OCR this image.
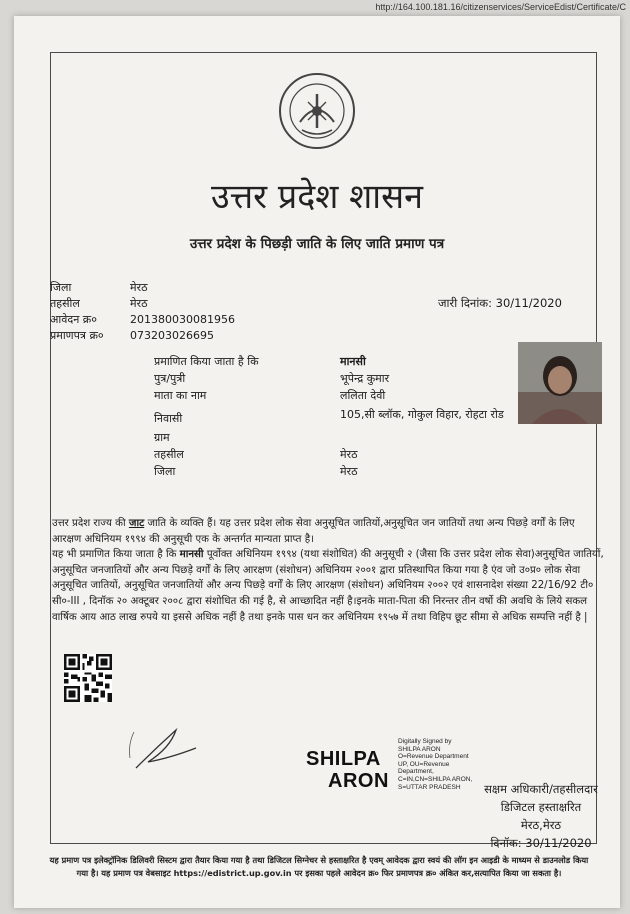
http://164.100.181.16/citizenservices/ServiceEdist/Certificate/C
उत्तर प्रदेश शासन
उत्तर प्रदेश के पिछड़ी जाति के लिए जाति प्रमाण पत्र
जिला	मेरठ
तहसील	मेरठ
आवेदन क्र०	201380030081956
प्रमाणपत्र क्र०	073203026695
जारी दिनांक: 30/11/2020
प्रमाणित किया जाता है कि	मानसी
पुत्र/पुत्री	भूपेन्द्र कुमार
माता का नाम	ललिता देवी
निवासी	105,सी ब्लॉक, गोकुल विहार, रोहटा रोड
ग्राम
तहसील	मेरठ
जिला	मेरठ

उत्तर प्रदेश राज्य की जाट जाति के व्यक्ति हैं। यह उत्तर प्रदेश लोक सेवा अनुसूचित जातियों,अनुसूचित जन जातियों तथा अन्य पिछड़े वर्गों के लिए आरक्षण अधिनियम १९९४ की अनुसूची एक के अन्तर्गत मान्यता प्राप्त है।

यह भी प्रमाणित किया जाता है कि मानसी पूर्वोक्त अधिनियम १९९४ (यथा संशोधित) की अनुसूची २ (जैसा कि उत्तर प्रदेश लोक सेवा)अनुसूचित जातियों, अनुसूचित जनजातियों और अन्य पिछड़े वर्गों के लिए आरक्षण (संशोधन) अधिनियम २००१ द्वारा प्रतिस्थापित किया गया है एंव जो उ०प्र० लोक सेवा अनुसूचित जातियों, अनुसूचित जनजातियों और अन्य पिछड़े वर्गों के लिए आरक्षण (संशोधन) अधिनियम २००२ एवं शासनादेश संख्या 22/16/92 टी० सी०-III , दिनॉक २० अक्टूबर २००८ द्वारा संशोधित की गई है, से आच्छादित नहीं है।इनके माता-पिता की निरन्तर तीन वर्षो की अवधि के लिये सकल वार्षिक आय आठ लाख रुपये या इससे अधिक नहीं है तथा इनके पास धन कर अधिनियम १९५७ में तथा विहिप छूट सीमा से अधिक सम्पत्ति नहीं है |

SHILPA
ARON
Digitally Signed by
SHILPA ARON
O=Revenue Department
UP, OU=Revenue
Department,
C=IN,CN=SHILPA ARON,
S=UTTAR PRADESH	सक्षम अधिकारी/तहसीलदार
डिजिटल हस्ताक्षरित
मेरठ,मेरठ
दिनॉक: 30/11/2020
यह प्रमाण पत्र इलेक्ट्रॉनिक डिलिवरी सिस्टम द्वारा तैयार किया गया है तथा डिजिटल सिग्नेचर से हस्ताक्षरित है एवम् आवेदक द्वारा स्वयं की लॉग इन आइडी के माध्यम से डाउनलोड किया गया है। यह प्रमाण पत्र वेबसाइट https://edistrict.up.gov.in पर इसका पहले आवेदन क्र० फिर प्रमाणपत्र क्र० अंकित कर,सत्यापित किया जा सकता है।
